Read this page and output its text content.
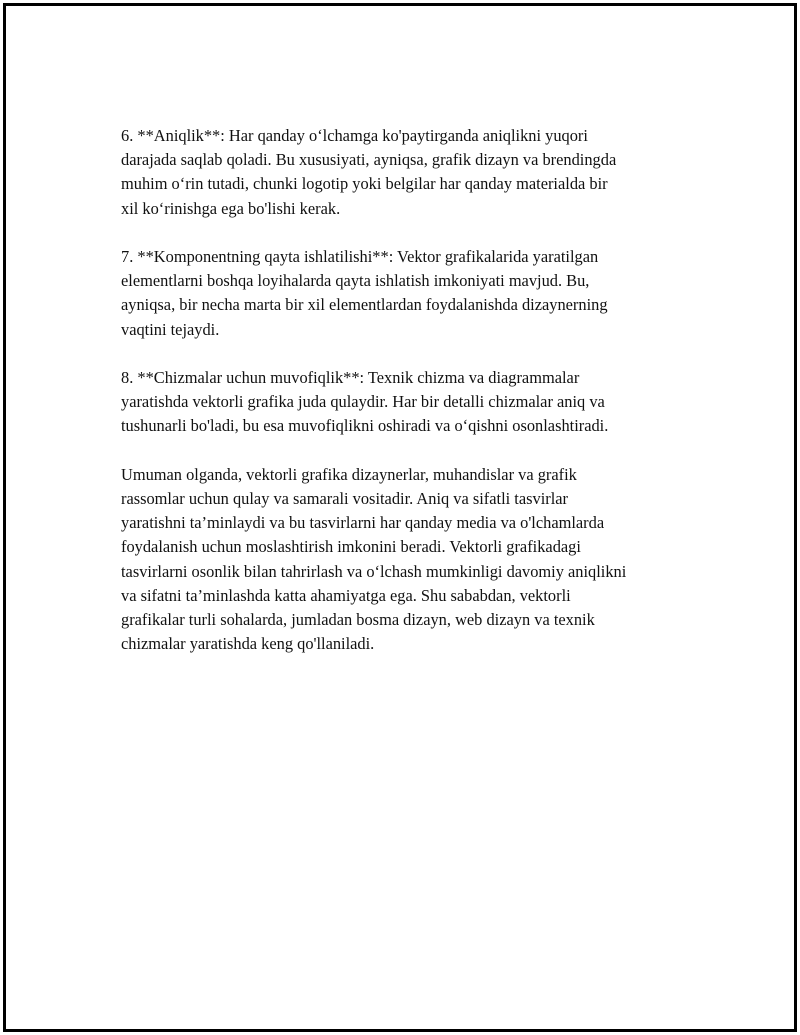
6. **Aniqlik**: Har qanday o‘lchamga ko'paytirganda aniqlikni yuqori
darajada saqlab qoladi. Bu xususiyati, ayniqsa, grafik dizayn va brendingda
muhim o‘rin tutadi, chunki logotip yoki belgilar har qanday materialda bir
xil ko‘rinishga ega bo'lishi kerak.

7. **Komponentning qayta ishlatilishi**: Vektor grafikalarida yaratilgan
elementlarni boshqa loyihalarda qayta ishlatish imkoniyati mavjud. Bu,
ayniqsa, bir necha marta bir xil elementlardan foydalanishda dizaynerning
vaqtini tejaydi.

8. **Chizmalar uchun muvofiqlik**: Texnik chizma va diagrammalar
yaratishda vektorli grafika juda qulaydir. Har bir detalli chizmalar aniq va
tushunarli bo'ladi, bu esa muvofiqlikni oshiradi va o‘qishni osonlashtiradi.

Umuman olganda, vektorli grafika dizaynerlar, muhandislar va grafik
rassomlar uchun qulay va samarali vositadir. Aniq va sifatli tasvirlar
yaratishni ta’minlaydi va bu tasvirlarni har qanday media va o'lchamlarda
foydalanish uchun moslashtirish imkonini beradi. Vektorli grafikadagi
tasvirlarni osonlik bilan tahrirlash va o‘lchash mumkinligi davomiy aniqlikni
va sifatni ta’minlashda katta ahamiyatga ega. Shu sababdan, vektorli
grafikalar turli sohalarda, jumladan bosma dizayn, web dizayn va texnik
chizmalar yaratishda keng qo'llaniladi.
